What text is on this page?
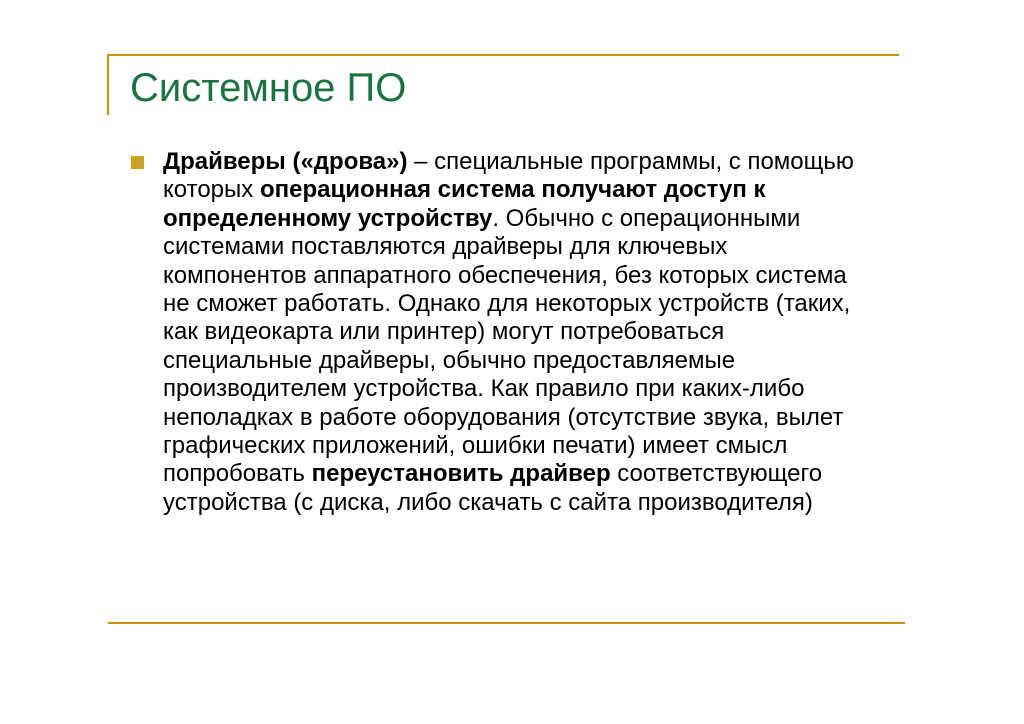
Системное ПО

Драйверы («дрова») – специальные программы, с помощью которых операционная система получают доступ к определенному устройству. Обычно с операционными системами поставляются драйверы для ключевых компонентов аппаратного обеспечения, без которых система не сможет работать. Однако для некоторых устройств (таких, как видеокарта или принтер) могут потребоваться специальные драйверы, обычно предоставляемые производителем устройства. Как правило при каких-либо неполадках в работе оборудования (отсутствие звука, вылет графических приложений, ошибки печати) имеет смысл попробовать переустановить драйвер соответствующего устройства (с диска, либо скачать с сайта производителя)
